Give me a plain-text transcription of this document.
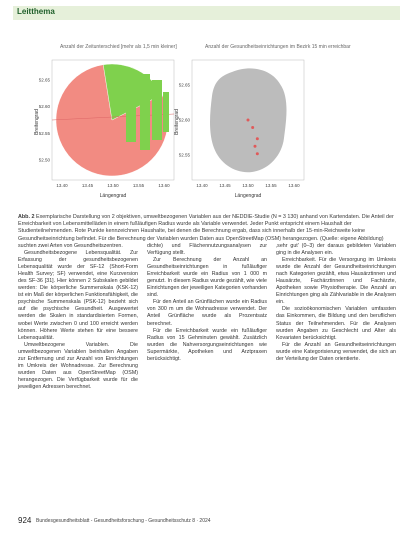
Leitthema
Anzahl der Zeitunterschied [mehr als 1,5 min kleiner]
13.40	13.45	13.50	13.55	13.60
52.50
52.55
52.60
52.65
Längengrad
Breitengrad
Anzahl der Gesundheitseinrichtungen im Bezirk 15 min erreichbar
13.40	13.45	13.50	13.55	13.60
52.55
52.60
52.65
Längengrad
Breitengrad
Abb. 2 Exemplarische Darstellung von 2 objektiven, umweltbezogenen Variablen aus der NEDDIE-Studie (N = 3 130) anhand von Kartendaten. Die Anteil der Erreichbarkeit von Lebensmittelläden in einem fußläufigen Radius wurde als Variable verwendet. Jeder Punkt entspricht einem Haushalt der Studienteilnehmenden. Rote Punkte kennzeichnen Haushalte, bei denen die Berechnung ergab, dass sich innerhalb der 15-min-Reichweite keine Gesundheitseinrichtung befindet. Für die Berechnung der Variablen wurden Daten aus OpenStreetMap (OSM) herangezogen. (Quelle: eigene Abbildung)

suchten zwei Arten von Gesundheitszentren.

Gesundheitsbezogene Lebensqualität. Zur Erfassung der gesundheitsbezogenen Lebensqualität wurde der SF-12 (Short-Form Health Survey; SF) verwendet, eine Kurzversion des SF-36 [31]. Hier können 2 Subskalen gebildet werden: Die körperliche Summenskala (KSK-12) ist ein Maß der körperlichen Funktionsfähigkeit, die psychische Summenskala (PSK-12) bezieht sich auf die psychische Gesundheit. Ausgewertet werden die Skalen in standardisierten Formen, wobei Werte zwischen 0 und 100 erreicht werden können. Höhere Werte stehen für eine bessere Lebensqualität.

Umweltbezogene Variablen. Die umweltbezogenen Variablen beinhalten Angaben zur Entfernung und zur Anzahl von Einrichtungen im Umkreis der Wohnadresse. Zur Berechnung wurden Daten aus OpenStreetMap (OSM) herangezogen. Die Verfügbarkeit wurde für die jeweiligen Adressen berechnet.

dichte) und Flächennutzungsanalysen zur Verfügung stellt.

Zur Berechnung der Anzahl an Gesundheitseinrichtungen in fußläufiger Erreichbarkeit wurde ein Radius von 1 000 m genutzt. In diesem Radius wurde gezählt, wie viele Einrichtungen der jeweiligen Kategorien vorhanden sind.

Für den Anteil an Grünflächen wurde ein Radius von 300 m um die Wohnadresse verwendet. Der Anteil Grünfläche wurde als Prozentsatz berechnet.

Für die Erreichbarkeit wurde ein fußläufiger Radius von 15 Gehminuten gewählt. Zusätzlich wurden die Nahversorgungseinrichtungen wie Supermärkte, Apotheken und Arztpraxen berücksichtigt.

‚sehr gut' (0–3) der daraus gebildeten Variablen ging in die Analysen ein.

Erreichbarkeit. Für die Versorgung im Umkreis wurde die Anzahl der Gesundheitseinrichtungen nach Kategorien gezählt, etwa Hausärztinnen und Hausärzte, Fachärztinnen und Fachärzte, Apotheken sowie Physiotherapie. Die Anzahl an Einrichtungen ging als Zählvariable in die Analysen ein.

Die sozioökonomischen Variablen umfassten das Einkommen, die Bildung und den beruflichen Status der Teilnehmenden. Für die Analysen wurden Angaben zu Geschlecht und Alter als Kovariaten berücksichtigt.

Für die Anzahl an Gesundheitseinrichtungen wurde eine Kategorisierung verwendet, die sich an der Verteilung der Daten orientierte.

924 Bundesgesundheitsblatt - Gesundheitsforschung - Gesundheitsschutz 8 · 2024
